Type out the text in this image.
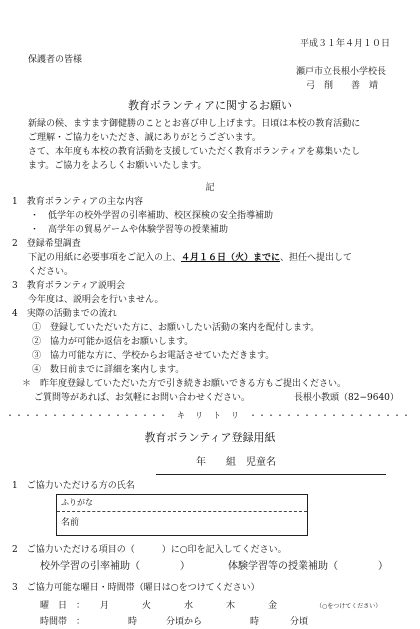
平成３１年４月１０日
保護者の皆様
瀬戸市立長根小学校長
弓　削　　善　靖
教育ボランティアに関するお願い
新緑の候、ますます御健勝のこととお喜び申し上げます。日頃は本校の教育活動に
ご理解・ご協力をいただき、誠にありがとうございます。
さて、本年度も本校の教育活動を支援していただく教育ボランティアを募集いたし
ます。ご協力をよろしくお願いいたします。
記
1　教育ボランティアの主な内容
・　低学年の校外学習の引率補助、校区探検の安全指導補助
・　高学年の貿易ゲームや体験学習等の授業補助
2　登録希望調査
下記の用紙に必要事項をご記入の上、４月１６日（火）までに、担任へ提出して
ください。
3　教育ボランティア説明会
今年度は、説明会を行いません。
4　実際の活動までの流れ
①　登録していただいた方に、お願いしたい活動の案内を配付します。
②　協力が可能か返信をお願いします。
③　協力可能な方に、学校からお電話させていただきます。
④　数日前までに詳細を案内します。
＊　昨年度登録していただいた方で引き続きお願いできる方もご提出ください。
ご質問等があれば、お気軽にお問い合わせください。	長根小教頭（82−9640）
・・・・・・・・・・・・・・・・・・　キ　リ　ト　リ　・・・・・・・・・・・・・・・・・・
教育ボランティア登録用紙
年　　組　児童名
1　ご協力いただける方の氏名
ふりがな
名前
2　ご協力いただける項目の（　　　）に○印を記入してください。
校外学習の引率補助（　　　　）	体験学習等の授業補助（　　　　）
3　ご協力可能な曜日・時間帯（曜日は○をつけてください）
曜　日　： 月	火	水	木	金	（○をつけてください）
時間帯　：	時	分頃から	時	分頃
